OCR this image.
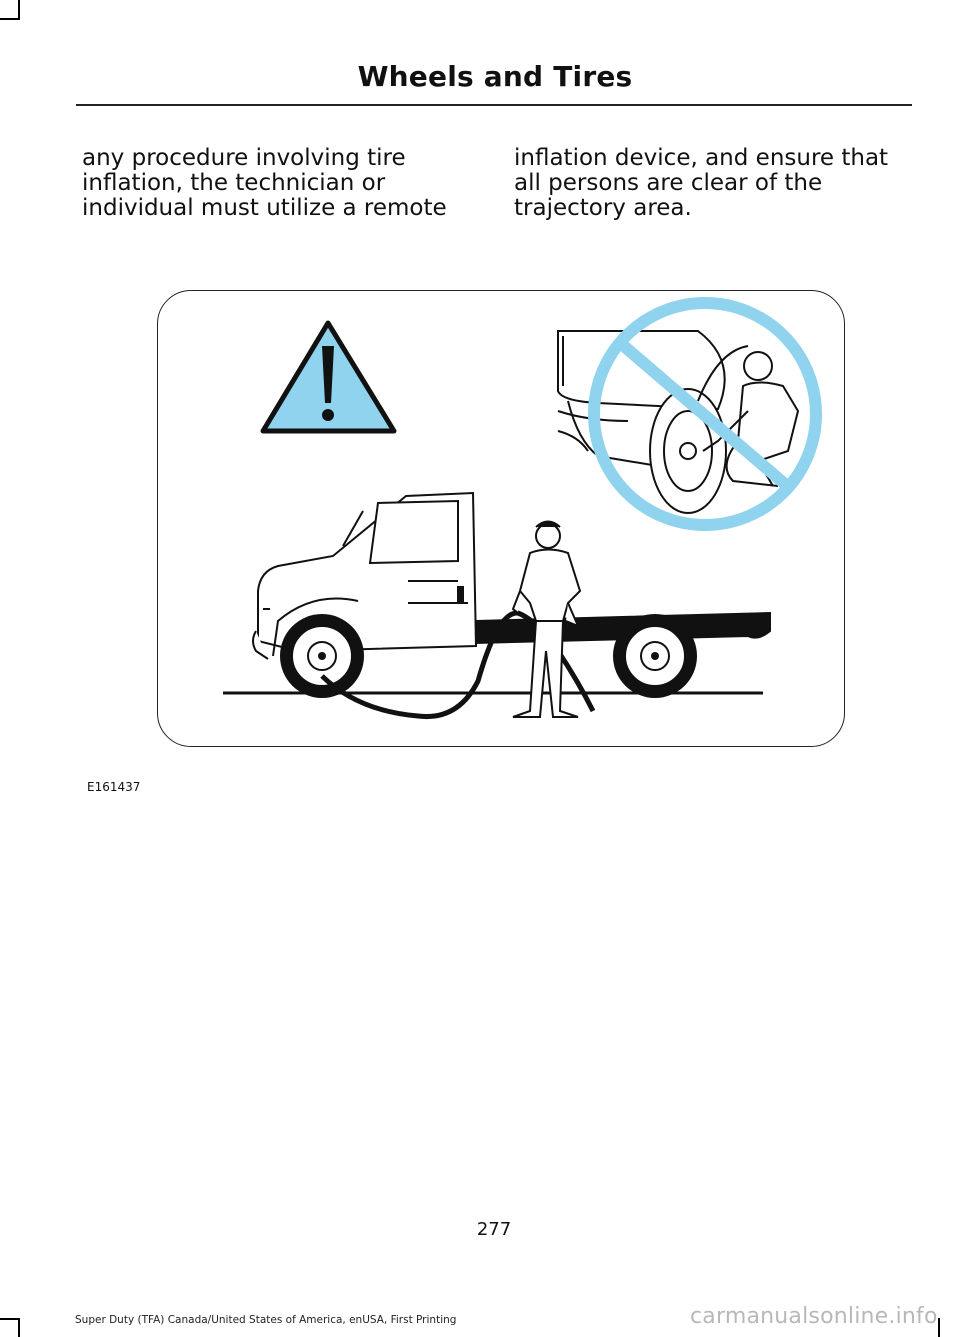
Wheels and Tires

any procedure involving tire

inflation, the technician or

individual must utilize a remote

inflation device, and ensure that

all persons are clear of the

trajectory area.

E161437
277
Super Duty (TFA) Canada/United States of America, enUSA, First Printing	carmanualsonline.info
